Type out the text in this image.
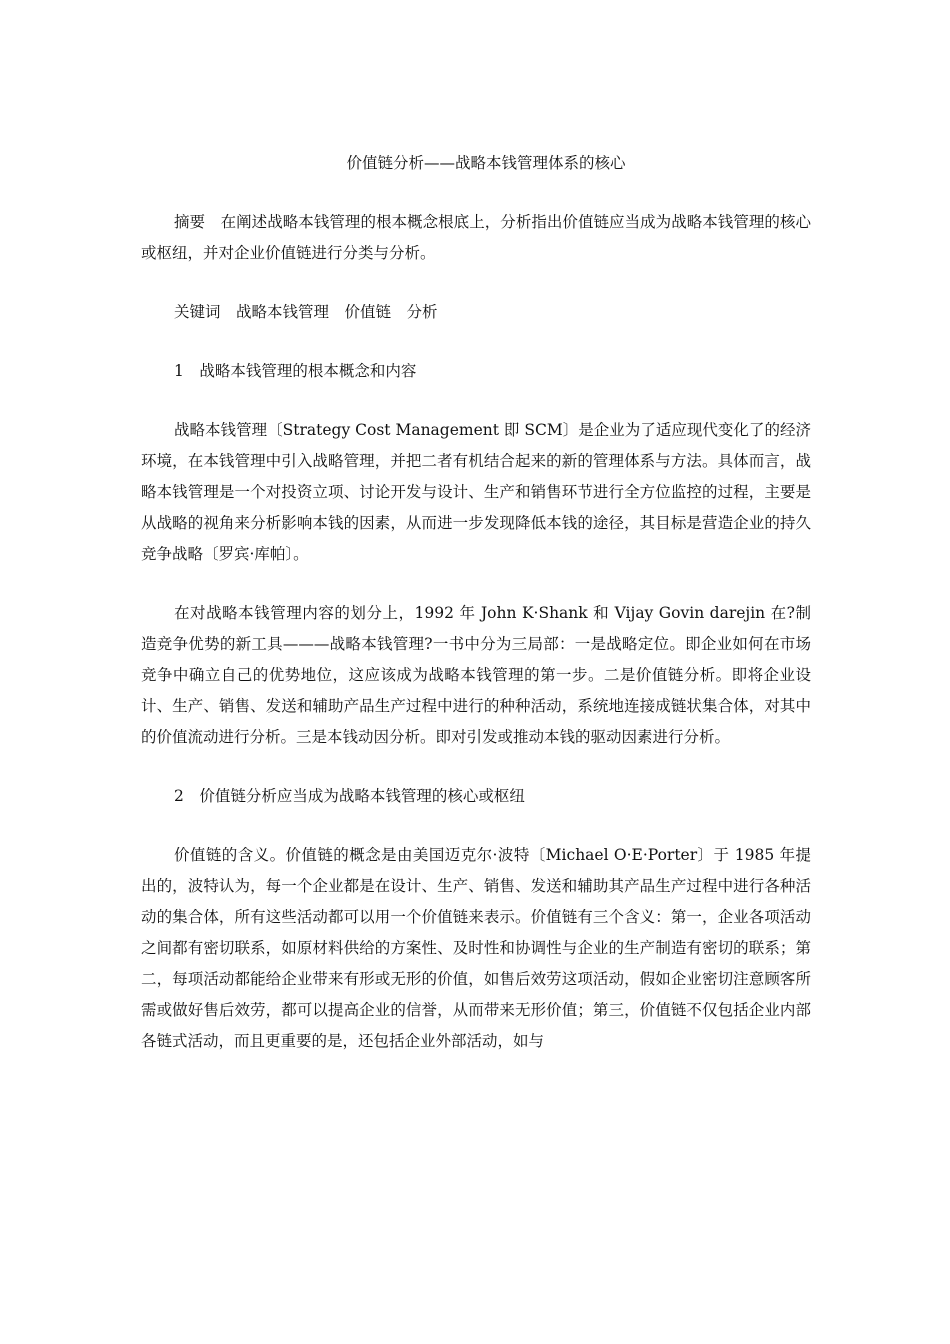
价值链分析——战略本钱管理体系的核心

摘要　在阐述战略本钱管理的根本概念根底上，分析指出价值链应当成为战略本钱管理的核心或枢纽，并对企业价值链进行分类与分析。

关键词　战略本钱管理　价值链　分析

1　战略本钱管理的根本概念和内容

战略本钱管理〔Strategy Cost Management 即 SCM〕是企业为了适应现代变化了的经济环境，在本钱管理中引入战略管理，并把二者有机结合起来的新的管理体系与方法。具体而言，战略本钱管理是一个对投资立项、讨论开发与设计、生产和销售环节进行全方位监控的过程，主要是从战略的视角来分析影响本钱的因素，从而进一步发现降低本钱的途径，其目标是营造企业的持久竞争战略〔罗宾·库帕〕。

在对战略本钱管理内容的划分上，1992 年 John K·Shank 和 Vijay Govin darejin 在?制造竞争优势的新工具———战略本钱管理?一书中分为三局部：一是战略定位。即企业如何在市场竞争中确立自己的优势地位，这应该成为战略本钱管理的第一步。二是价值链分析。即将企业设计、生产、销售、发送和辅助产品生产过程中进行的种种活动，系统地连接成链状集合体，对其中的价值流动进行分析。三是本钱动因分析。即对引发或推动本钱的驱动因素进行分析。

2　价值链分析应当成为战略本钱管理的核心或枢纽

价值链的含义。价值链的概念是由美国迈克尔·波特〔Michael O·E·Porter〕于 1985 年提出的，波特认为，每一个企业都是在设计、生产、销售、发送和辅助其产品生产过程中进行各种活动的集合体，所有这些活动都可以用一个价值链来表示。价值链有三个含义：第一，企业各项活动之间都有密切联系，如原材料供给的方案性、及时性和协调性与企业的生产制造有密切的联系；第二，每项活动都能给企业带来有形或无形的价值，如售后效劳这项活动，假如企业密切注意顾客所需或做好售后效劳，都可以提高企业的信誉，从而带来无形价值；第三，价值链不仅包括企业内部各链式活动，而且更重要的是，还包括企业外部活动，如与
